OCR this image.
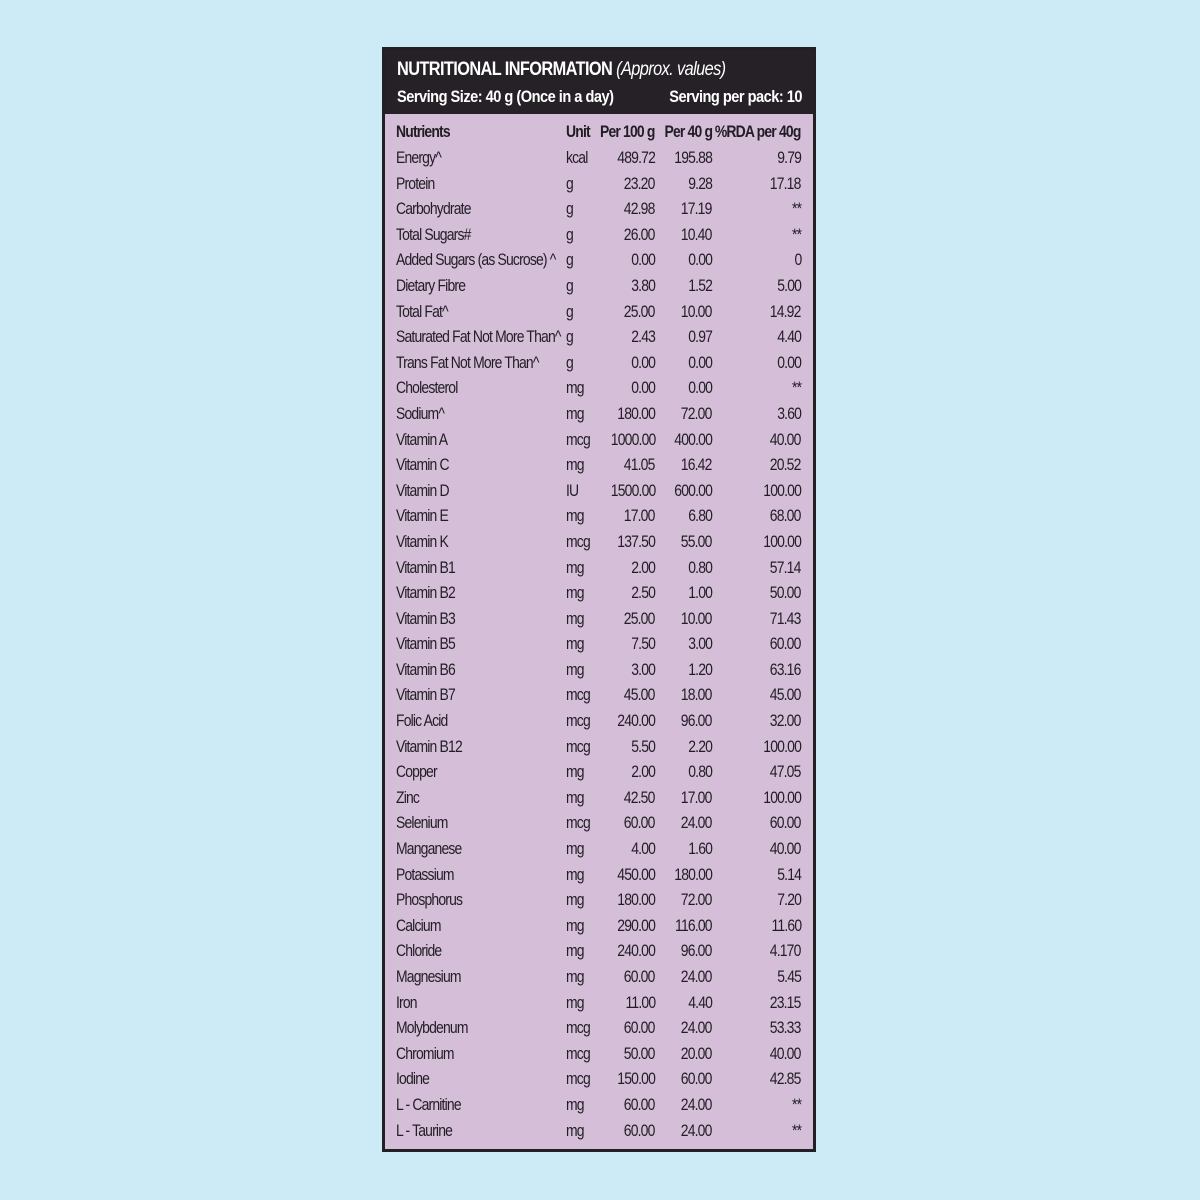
NUTRITIONAL INFORMATION (Approx. values)
Serving Size: 40 g (Once in a day)	Serving per pack: 10
Nutrients	Unit Per 100 g Per 40 g %RDA per 40g
Energy^	kcal 489.72 195.88	9.79
Protein	g	23.20 9.28	17.18
Carbohydrate	g	42.98 17.19	**
Total Sugars#	g	26.00 10.40	**
Added Sugars (as Sucrose) ^ g	0.00 0.00	0
Dietary Fibre	g	3.80 1.52	5.00
Total Fat^	g	25.00 10.00	14.92
Saturated Fat Not More Than^ g	2.43 0.97	4.40
Trans Fat Not More Than^ g	0.00 0.00	0.00
Cholesterol	mg	0.00 0.00	**
Sodium^	mg 180.00 72.00	3.60
Vitamin A	mcg 1000.00 400.00	40.00
Vitamin C	mg 41.05 16.42	20.52
Vitamin D	IU 1500.00 600.00	100.00
Vitamin E	mg 17.00 6.80	68.00
Vitamin K	mcg 137.50 55.00	100.00
Vitamin B1	mg	2.00 0.80	57.14
Vitamin B2	mg	2.50 1.00	50.00
Vitamin B3	mg 25.00 10.00	71.43
Vitamin B5	mg	7.50 3.00	60.00
Vitamin B6	mg	3.00 1.20	63.16
Vitamin B7	mcg 45.00 18.00	45.00
Folic Acid	mcg 240.00 96.00	32.00
Vitamin B12	mcg 5.50 2.20	100.00
Copper	mg	2.00 0.80	47.05
Zinc	mg 42.50 17.00	100.00
Selenium	mcg 60.00 24.00	60.00
Manganese	mg	4.00 1.60	40.00
Potassium	mg 450.00 180.00	5.14
Phosphorus	mg 180.00 72.00	7.20
Calcium	mg 290.00 116.00	11.60
Chloride	mg 240.00 96.00	4.170
Magnesium	mg 60.00 24.00	5.45
Iron	mg 11.00 4.40	23.15
Molybdenum	mcg 60.00 24.00	53.33
Chromium	mcg 50.00 20.00	40.00
Iodine	mcg 150.00 60.00	42.85
L - Carnitine	mg 60.00 24.00	**
L - Taurine	mg 60.00 24.00	**
